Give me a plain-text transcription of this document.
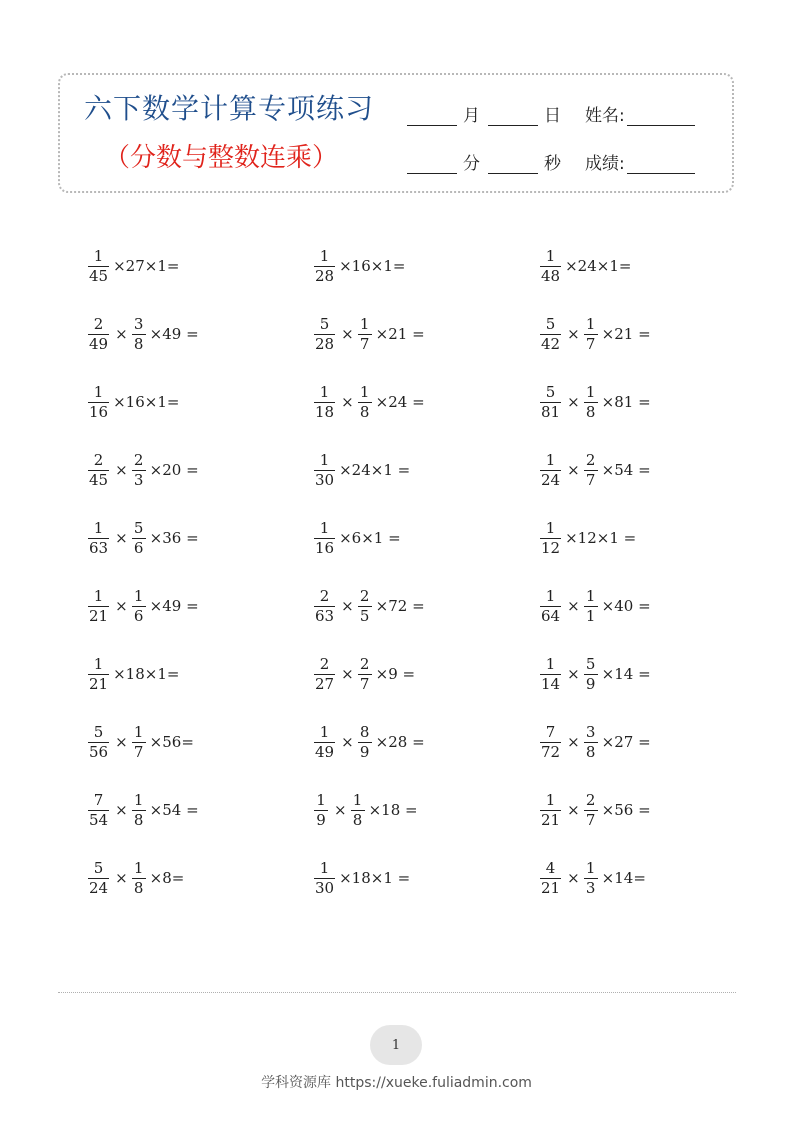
六下数学计算专项练习
（分数与整数连乘）
月	日 姓名:
分	秒 成绩:
$\frac{1}{45} \times 27\times 1=$	$\frac{1}{28} \times 16\times 1=$	$\frac{1}{48} \times 24\times 1=$
$\frac{2}{49} \times \frac{3}{8} \times 49$ =	$\frac{5}{28} \times \frac{1}{7} \times 21$ =	$\frac{5}{42} \times \frac{1}{7} \times 21$ =
$\frac{1}{16} \times 16\times 1=$	$\frac{1}{18} \times \frac{1}{8} \times 24$ =	$\frac{5}{81} \times \frac{1}{8} \times 81$ =
$\frac{2}{45} \times \frac{2}{3} \times 20$ =	$\frac{1}{30} \times 24\times 1$ =	$\frac{1}{24} \times \frac{2}{7} \times 54$ =
$\frac{1}{63} \times \frac{5}{6} \times 36$ =	$\frac{1}{16} \times 6\times 1$ =	$\frac{1}{12} \times 12\times 1$ =
$\frac{1}{21} \times \frac{1}{6} \times 49$ =	$\frac{2}{63} \times \frac{2}{5} \times 72$ =	$\frac{1}{64} \times \frac{1}{1} \times 40$ =
$\frac{1}{21} \times 18\times 1=$	$\frac{2}{27} \times \frac{2}{7} \times 9$ =	$\frac{1}{14} \times \frac{5}{9} \times 14$ =
$\frac{5}{56} \times \frac{1}{7} \times 56=$	$\frac{1}{49} \times \frac{8}{9} \times 28$ =	$\frac{7}{72} \times \frac{3}{8} \times 27$ =
$\frac{7}{54} \times \frac{1}{8} \times 54$ =	$\frac{1}{9} \times \frac{1}{8} \times 18$ =	$\frac{1}{21} \times \frac{2}{7} \times 56$ =
$\frac{5}{24} \times \frac{1}{8} \times 8=$	$\frac{1}{30} \times 18\times 1$ =	$\frac{4}{21} \times \frac{1}{3} \times 14=$
1
学科资源库 https://xueke.fuliadmin.com
